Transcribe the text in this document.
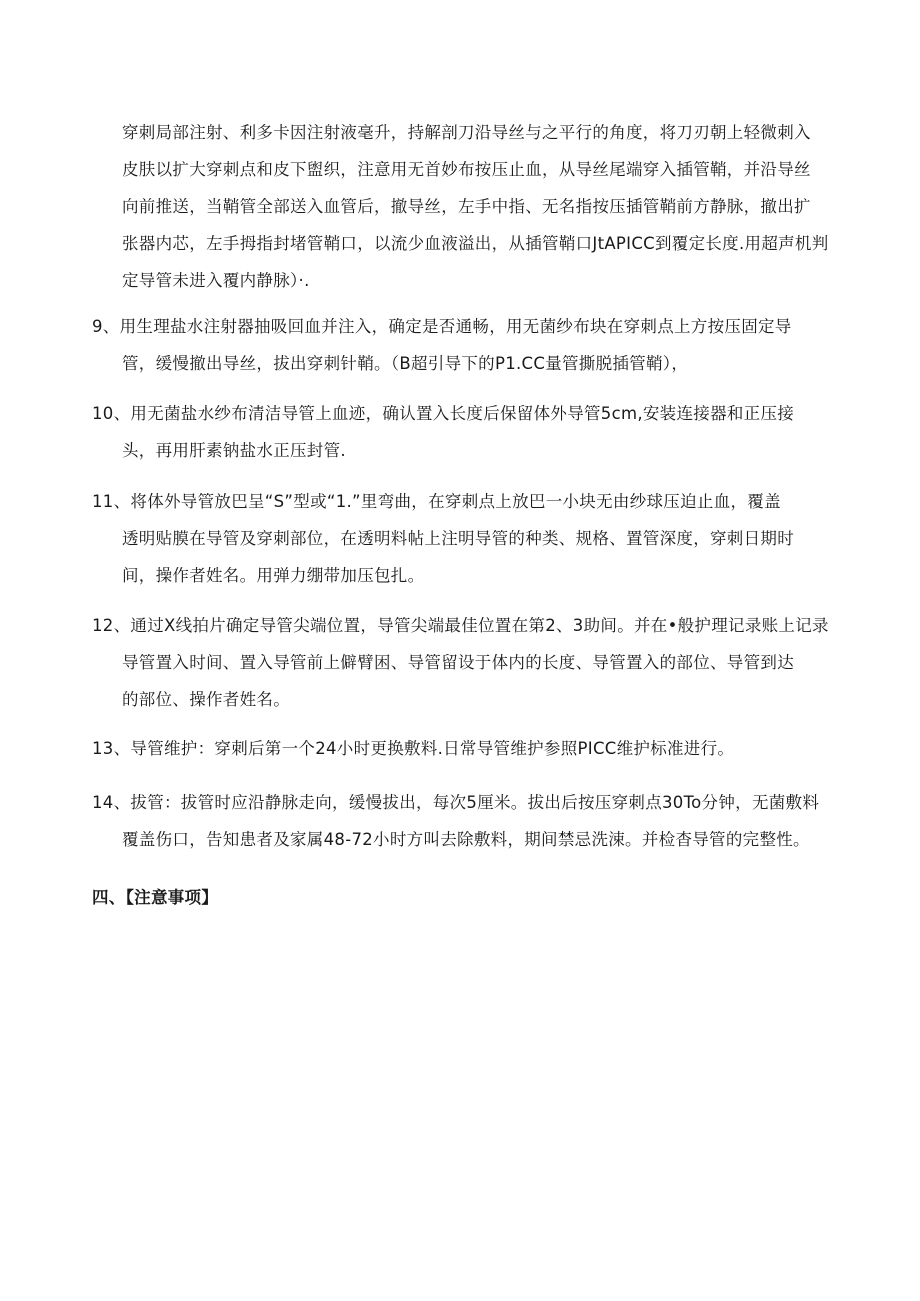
穿刺局部注射、利多卡因注射液毫升，持解剖刀沿导丝与之平行的角度，将刀刃朝上轻微刺入
皮肤以扩大穿刺点和皮下盥织，注意用无首妙布按压止血，从导丝尾端穿入插管鞘，并沿导丝
向前推送，当鞘管全部送入血管后，撤导丝，左手中指、无名指按压插管鞘前方静脉，撤出扩
张器内芯，左手拇指封堵管鞘口，以流少血液溢出，从插管鞘口JtAPICC到覆定长度.用超声机判
定导管未进入覆内静脉）·.
9、用生理盐水注射器抽吸回血并注入，确定是否通畅，用无菌纱布块在穿刺点上方按压固定导
管，缓慢撤出导丝，拔出穿刺针鞘。（B超引导下的P1.CC量管撕脱插管鞘），
10、用无菌盐水纱布清洁导管上血迹，确认置入长度后保留体外导管5cm,安装连接器和正压接
头，再用肝素钠盐水正压封管.
11、将体外导管放巴呈“S”型或“1.”里弯曲，在穿刺点上放巴一小块无由纱球压迫止血，覆盖
透明贴膜在导管及穿刺部位，在透明料帖上注明导管的种类、规格、置管深度，穿刺日期时
间，操作者姓名。用弹力绷带加压包扎。
12、通过X线拍片确定导管尖端位置，导管尖端最佳位置在第2、3助间。并在•般护理记录账上记录
导管置入时间、置入导管前上僻臂困、导管留设于体内的长度、导管置入的部位、导管到达
的部位、操作者姓名。
13、导管维护：穿刺后第一个24小时更换敷料.日常导管维护参照PICC维护标准进行。
14、拔管：拔管时应沿静脉走向，缓慢拔出，每次5厘米。拔出后按压穿刺点30To分钟，无菌敷料
覆盖伤口，告知患者及家属48-72小时方叫去除敷料，期间禁忌洗涑。并检杳导管的完整性。
四、【注意事项】
